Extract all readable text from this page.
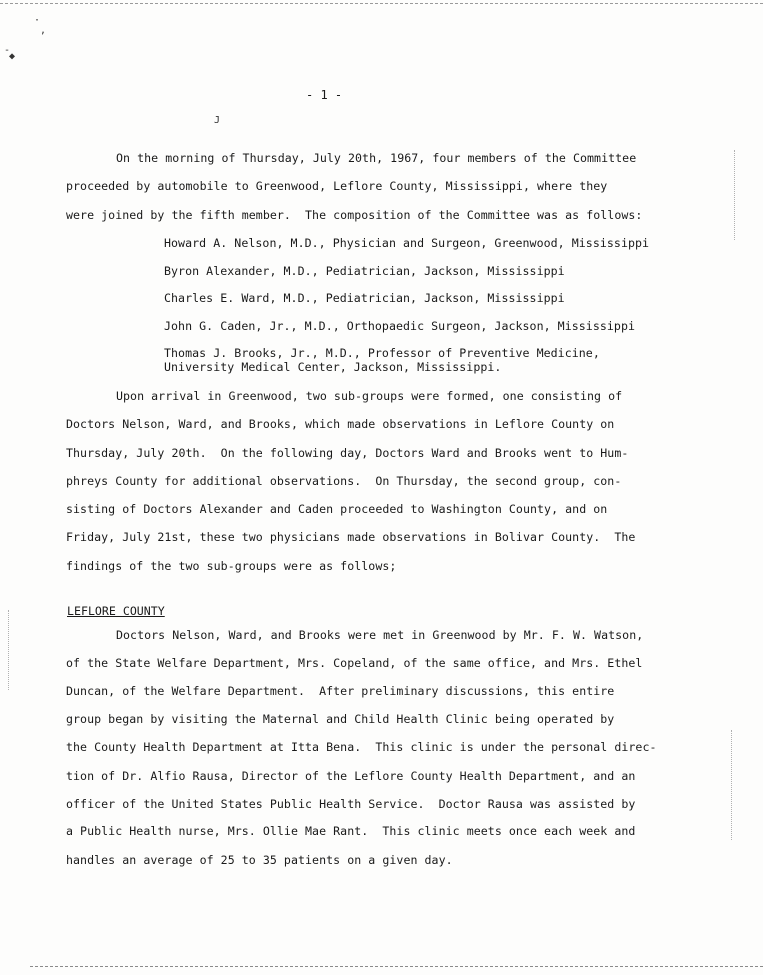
·
,
-
◆
J
- 1 -
On the morning of Thursday, July 20th, 1967, four members of the Committee
proceeded by automobile to Greenwood, Leflore County, Mississippi, where they
were joined by the fifth member.  The composition of the Committee was as follows:
Howard A. Nelson, M.D., Physician and Surgeon, Greenwood, Mississippi
Byron Alexander, M.D., Pediatrician, Jackson, Mississippi
Charles E. Ward, M.D., Pediatrician, Jackson, Mississippi
John G. Caden, Jr., M.D., Orthopaedic Surgeon, Jackson, Mississippi
Thomas J. Brooks, Jr., M.D., Professor of Preventive Medicine,
University Medical Center, Jackson, Mississippi.
Upon arrival in Greenwood, two sub-groups were formed, one consisting of
Doctors Nelson, Ward, and Brooks, which made observations in Leflore County on
Thursday, July 20th.  On the following day, Doctors Ward and Brooks went to Hum-
phreys County for additional observations.  On Thursday, the second group, con-
sisting of Doctors Alexander and Caden proceeded to Washington County, and on
Friday, July 21st, these two physicians made observations in Bolivar County.  The
findings of the two sub-groups were as follows;
LEFLORE COUNTY
Doctors Nelson, Ward, and Brooks were met in Greenwood by Mr. F. W. Watson,
of the State Welfare Department, Mrs. Copeland, of the same office, and Mrs. Ethel
Duncan, of the Welfare Department.  After preliminary discussions, this entire
group began by visiting the Maternal and Child Health Clinic being operated by
the County Health Department at Itta Bena.  This clinic is under the personal direc-
tion of Dr. Alfio Rausa, Director of the Leflore County Health Department, and an
officer of the United States Public Health Service.  Doctor Rausa was assisted by
a Public Health nurse, Mrs. Ollie Mae Rant.  This clinic meets once each week and
handles an average of 25 to 35 patients on a given day.
